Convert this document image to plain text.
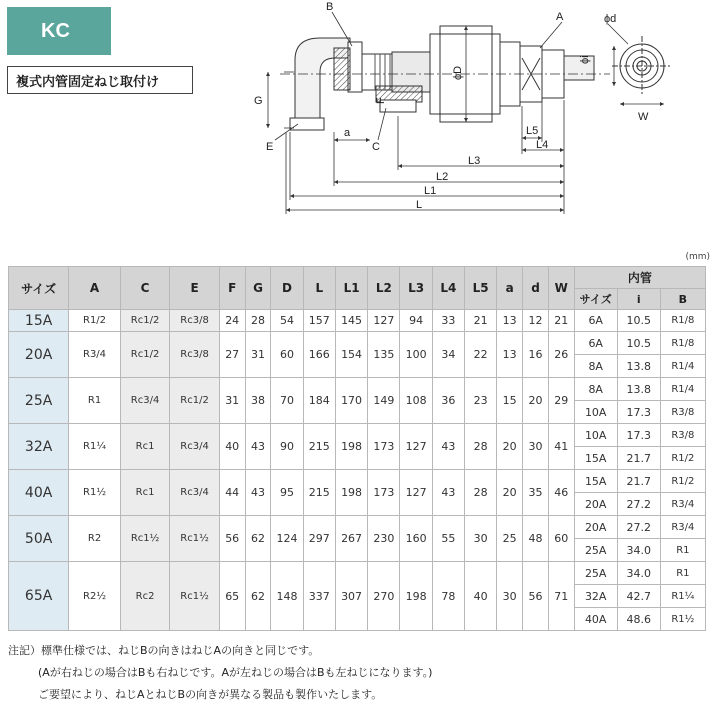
KC
複式内管固定ねじ取付け
B
A	ϕd
ϕD
ϕi
G	F
E
a
C
W
L5
L4
L3
L2
L1
L
(mm)
サイズ	A	C	E	F	G	D	L	L1	L2	L3	L4	L5	a	d	W	内管		
																サイズ	i	B
15A	R1/2	Rc1/2	Rc3/8	24	28	54	157	145	127	94	33	21	13	12	21	6A	10.5	R1/8
20A	R3/4	Rc1/2	Rc3/8	27	31	60	166	154	135	100	34	22	13	16	26	6A	10.5	R1/8
																8A	13.8	R1/4
25A	R1	Rc3/4	Rc1/2	31	38	70	184	170	149	108	36	23	15	20	29	8A	13.8	R1/4
																10A	17.3	R3/8
32A	R1¼	Rc1	Rc3/4	40	43	90	215	198	173	127	43	28	20	30	41	10A	17.3	R3/8
																15A	21.7	R1/2
40A	R1½	Rc1	Rc3/4	44	43	95	215	198	173	127	43	28	20	35	46	15A	21.7	R1/2
																20A	27.2	R3/4
50A	R2	Rc1½	Rc1½	56	62	124	297	267	230	160	55	30	25	48	60	20A	27.2	R3/4
																25A	34.0	R1
65A	R2½	Rc2	Rc1½	65	62	148	337	307	270	198	78	40	30	56	71	25A	34.0	R1
																32A	42.7	R1¼
																40A	48.6	R1½
注記）標準仕様では、ねじBの向きはねじAの向きと同じです。
(Aが右ねじの場合はBも右ねじです。Aが左ねじの場合はBも左ねじになります。)
ご要望により、ねじAとねじBの向きが異なる製品も製作いたします。
